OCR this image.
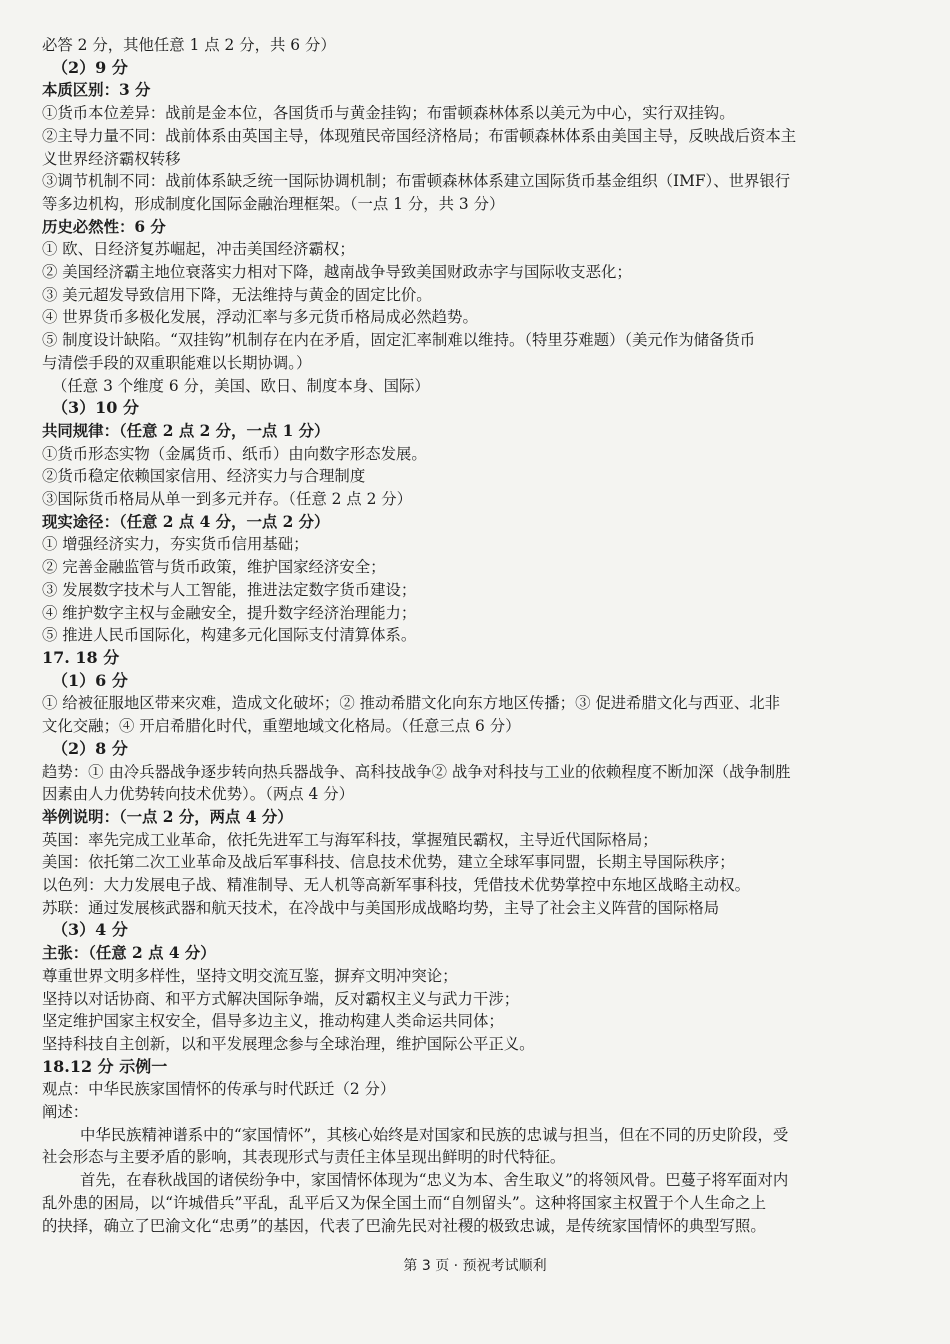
必答 2 分，其他任意 1 点 2 分，共 6 分）
（2）9 分
本质区别：3 分
①货币本位差异：战前是金本位，各国货币与黄金挂钩；布雷顿森林体系以美元为中心，实行双挂钩。
②主导力量不同：战前体系由英国主导，体现殖民帝国经济格局；布雷顿森林体系由美国主导，反映战后资本主
义世界经济霸权转移
③调节机制不同：战前体系缺乏统一国际协调机制；布雷顿森林体系建立国际货币基金组织（IMF）、世界银行
等多边机构，形成制度化国际金融治理框架。（一点 1 分，共 3 分）
历史必然性：6 分
① 欧、日经济复苏崛起，冲击美国经济霸权；
② 美国经济霸主地位衰落实力相对下降，越南战争导致美国财政赤字与国际收支恶化；
③ 美元超发导致信用下降，无法维持与黄金的固定比价。
④ 世界货币多极化发展，浮动汇率与多元货币格局成必然趋势。
⑤ 制度设计缺陷。“双挂钩”机制存在内在矛盾，固定汇率制难以维持。（特里芬难题）（美元作为储备货币
与清偿手段的双重职能难以长期协调。）
（任意 3 个维度 6 分，美国、欧日、制度本身、国际）
（3）10 分
共同规律：（任意 2 点 2 分，一点 1 分）
①货币形态实物（金属货币、纸币）由向数字形态发展。
②货币稳定依赖国家信用、经济实力与合理制度
③国际货币格局从单一到多元并存。（任意 2 点 2 分）
现实途径：（任意 2 点 4 分，一点 2 分）
① 增强经济实力，夯实货币信用基础；
② 完善金融监管与货币政策，维护国家经济安全；
③ 发展数字技术与人工智能，推进法定数字货币建设；
④ 维护数字主权与金融安全，提升数字经济治理能力；
⑤ 推进人民币国际化，构建多元化国际支付清算体系。
17. 18 分
（1）6 分
① 给被征服地区带来灾难，造成文化破坏；② 推动希腊文化向东方地区传播；③ 促进希腊文化与西亚、北非
文化交融；④ 开启希腊化时代，重塑地域文化格局。（任意三点 6 分）
（2）8 分
趋势：① 由冷兵器战争逐步转向热兵器战争、高科技战争② 战争对科技与工业的依赖程度不断加深（战争制胜
因素由人力优势转向技术优势）。（两点 4 分）
举例说明：（一点 2 分，两点 4 分）
英国：率先完成工业革命，依托先进军工与海军科技，掌握殖民霸权，主导近代国际格局；
美国：依托第二次工业革命及战后军事科技、信息技术优势，建立全球军事同盟，长期主导国际秩序；
以色列：大力发展电子战、精准制导、无人机等高新军事科技，凭借技术优势掌控中东地区战略主动权。
苏联：通过发展核武器和航天技术，在冷战中与美国形成战略均势，主导了社会主义阵营的国际格局
（3）4 分
主张：（任意 2 点 4 分）
尊重世界文明多样性，坚持文明交流互鉴，摒弃文明冲突论；
坚持以对话协商、和平方式解决国际争端，反对霸权主义与武力干涉；
坚定维护国家主权安全，倡导多边主义，推动构建人类命运共同体；
坚持科技自主创新，以和平发展理念参与全球治理，维护国际公平正义。
18.12 分 示例一
观点：中华民族家国情怀的传承与时代跃迁（2 分）
阐述：
中华民族精神谱系中的“家国情怀”，其核心始终是对国家和民族的忠诚与担当，但在不同的历史阶段，受
社会形态与主要矛盾的影响，其表现形式与责任主体呈现出鲜明的时代特征。
首先，在春秋战国的诸侯纷争中，家国情怀体现为“忠义为本、舍生取义”的将领风骨。巴蔓子将军面对内
乱外患的困局，以“许城借兵”平乱，乱平后又为保全国土而“自刎留头”。这种将国家主权置于个人生命之上
的抉择，确立了巴渝文化“忠勇”的基因，代表了巴渝先民对社稷的极致忠诚，是传统家国情怀的典型写照。
第 3 页 · 预祝考试顺利
